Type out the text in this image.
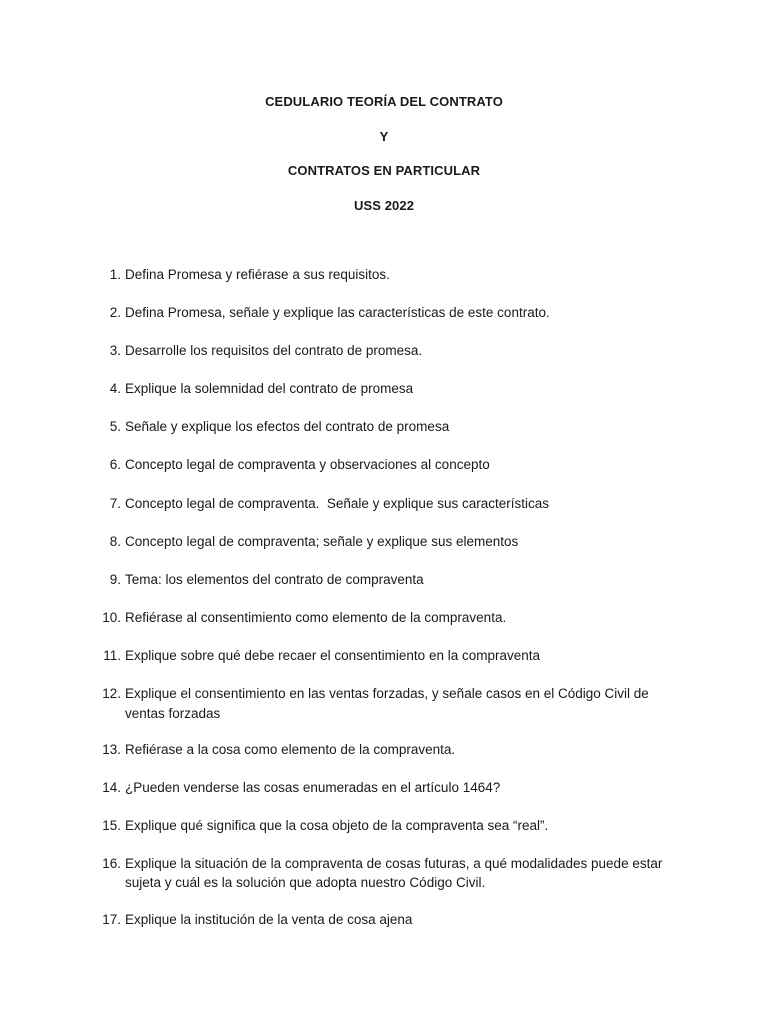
CEDULARIO TEORÍA DEL CONTRATO
Y
CONTRATOS EN PARTICULAR
USS 2022
1. Defina Promesa y refiérase a sus requisitos.
2. Defina Promesa, señale y explique las características de este contrato.
3. Desarrolle los requisitos del contrato de promesa.
4. Explique la solemnidad del contrato de promesa
5. Señale y explique los efectos del contrato de promesa
6. Concepto legal de compraventa y observaciones al concepto
7. Concepto legal de compraventa.  Señale y explique sus características
8. Concepto legal de compraventa; señale y explique sus elementos
9. Tema: los elementos del contrato de compraventa
10. Refiérase al consentimiento como elemento de la compraventa.
11. Explique sobre qué debe recaer el consentimiento en la compraventa
12. Explique el consentimiento en las ventas forzadas, y señale casos en el Código Civil de ventas forzadas
13. Refiérase a la cosa como elemento de la compraventa.
14. ¿Pueden venderse las cosas enumeradas en el artículo 1464?
15. Explique qué significa que la cosa objeto de la compraventa sea “real”.
16. Explique la situación de la compraventa de cosas futuras, a qué modalidades puede estar sujeta y cuál es la solución que adopta nuestro Código Civil.
17. Explique la institución de la venta de cosa ajena
